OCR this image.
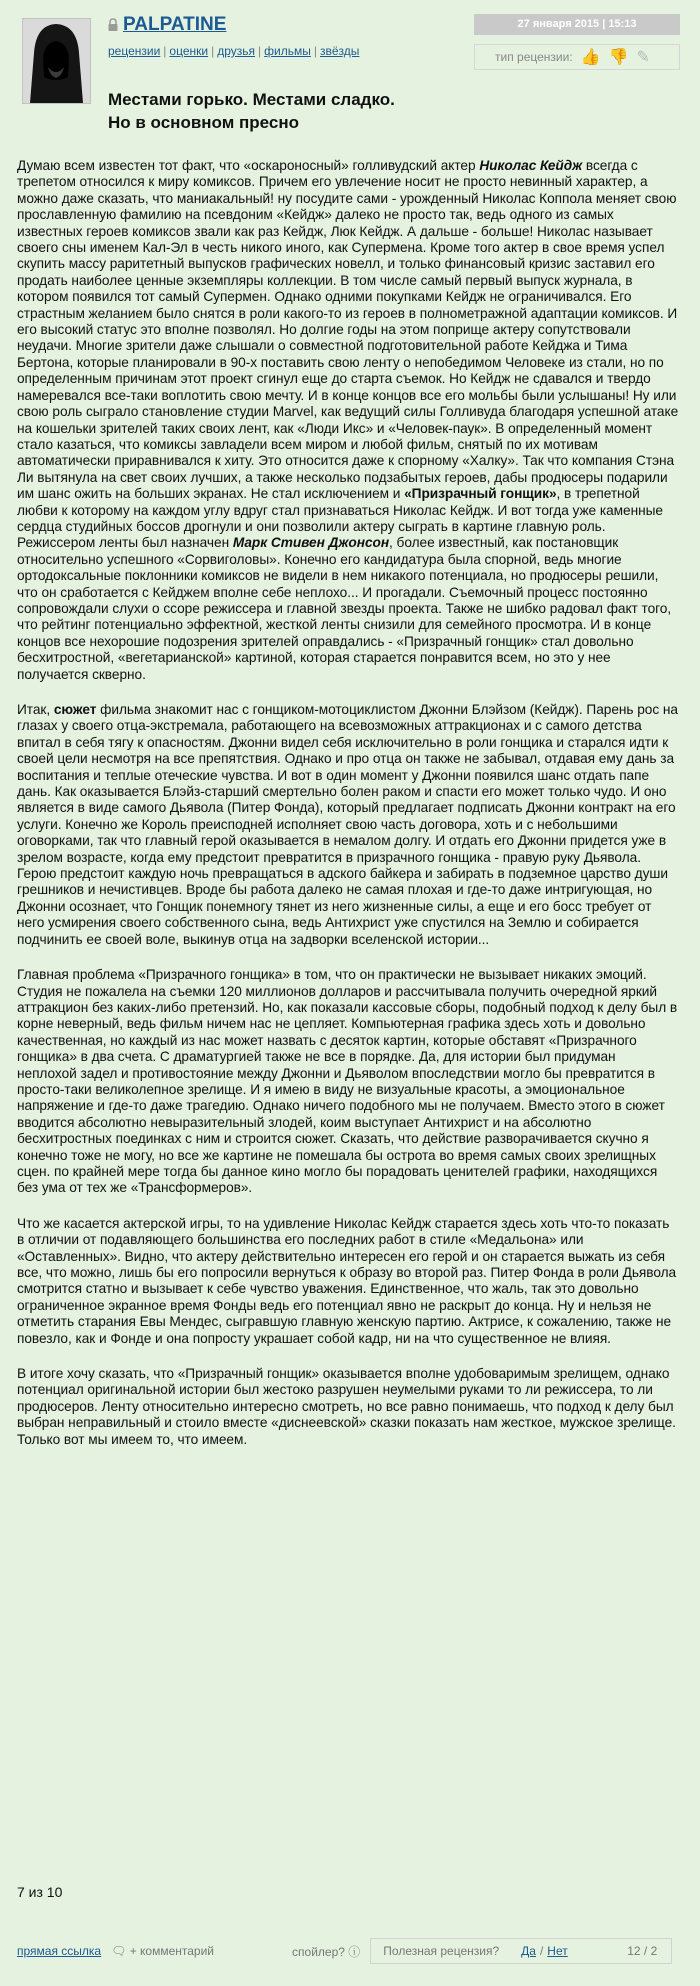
PALPATINE
рецензии | оценки | друзья | фильмы | звёзды
27 января 2015 | 15:13
тип рецензии: 👍 👎 ✎
Местами горько. Местами сладко.
Но в основном пресно

Думаю всем известен тот факт, что «оскароносный» голливудский актер Николас Кейдж всегда с трепетом относился к миру комиксов. Причем его увлечение носит не просто невинный характер, а можно даже сказать, что маниакальный! ну посудите сами - урожденный Николас Коппола меняет свою прославленную фамилию на псевдоним «Кейдж» далеко не просто так, ведь одного из самых известных героев комиксов звали как раз Кейдж, Люк Кейдж. А дальше - больше! Николас называет своего сны именем Кал-Эл в честь никого иного, как Супермена. Кроме того актер в свое время успел скупить массу раритетный выпусков графических новелл, и только финансовый кризис заставил его продать наиболее ценные экземпляры коллекции. В том числе самый первый выпуск журнала, в котором появился тот самый Супермен. Однако одними покупками Кейдж не ограничивался. Его страстным желанием было снятся в роли какого-то из героев в полнометражной адаптации комиксов. И его высокий статус это вполне позволял. Но долгие годы на этом поприще актеру сопутствовали неудачи. Многие зрители даже слышали о совместной подготовительной работе Кейджа и Тима Бертона, которые планировали в 90-х поставить свою ленту о непобедимом Человеке из стали, но по определенным причинам этот проект сгинул еще до старта съемок. Но Кейдж не сдавался и твердо намеревался все-таки воплотить свою мечту. И в конце концов все его мольбы были услышаны! Ну или свою роль сыграло становление студии Marvel, как ведущий силы Голливуда благодаря успешной атаке на кошельки зрителей таких своих лент, как «Люди Икс» и «Человек-паук». В определенный момент стало казаться, что комиксы завладели всем миром и любой фильм, снятый по их мотивам автоматически приравнивался к хиту. Это относится даже к спорному «Халку». Так что компания Стэна Ли вытянула на свет своих лучших, а также несколько подзабытых героев, дабы продюсеры подарили им шанс ожить на больших экранах. Не стал исключением и «Призрачный гонщик», в трепетной любви к которому на каждом углу вдруг стал признаваться Николас Кейдж. И вот тогда уже каменные сердца студийных боссов дрогнули и они позволили актеру сыграть в картине главную роль. Режиссером ленты был назначен Марк Стивен Джонсон, более известный, как постановщик относительно успешного «Сорвиголовы». Конечно его кандидатура была спорной, ведь многие ортодоксальные поклонники комиксов не видели в нем никакого потенциала, но продюсеры решили, что он сработается с Кейджем вполне себе неплохо... И прогадали. Съемочный процесс постоянно сопровождали слухи о ссоре режиссера и главной звезды проекта. Также не шибко радовал факт того, что рейтинг потенциально эффектной, жесткой ленты снизили для семейного просмотра. И в конце концов все нехорошие подозрения зрителей оправдались - «Призрачный гонщик» стал довольно бесхитростной, «вегетарианской» картиной, которая старается понравится всем, но это у нее получается скверно.

Итак, сюжет фильма знакомит нас с гонщиком-мотоциклистом Джонни Блэйзом (Кейдж). Парень рос на глазах у своего отца-экстремала, работающего на всевозможных аттракционах и с самого детства впитал в себя тягу к опасностям. Джонни видел себя исключительно в роли гонщика и старался идти к своей цели несмотря на все препятствия. Однако и про отца он также не забывал, отдавая ему дань за воспитания и теплые отеческие чувства. И вот в один момент у Джонни появился шанс отдать папе дань. Как оказывается Блэйз-старший смертельно болен раком и спасти его может только чудо. И оно является в виде самого Дьявола (Питер Фонда), который предлагает подписать Джонни контракт на его услуги. Конечно же Король преисподней исполняет свою часть договора, хоть и с небольшими оговорками, так что главный герой оказывается в немалом долгу. И отдать его Джонни придется уже в зрелом возрасте, когда ему предстоит превратится в призрачного гонщика - правую руку Дьявола. Герою предстоит каждую ночь превращаться в адского байкера и забирать в подземное царство души грешников и нечистивцев. Вроде бы работа далеко не самая плохая и где-то даже интригующая, но Джонни осознает, что Гонщик понемногу тянет из него жизненные силы, а еще и его босс требует от него усмирения своего собственного сына, ведь Антихрист уже спустился на Землю и собирается подчинить ее своей воле, выкинув отца на задворки вселенской истории...

Главная проблема «Призрачного гонщика» в том, что он практически не вызывает никаких эмоций. Студия не пожалела на съемки 120 миллионов долларов и рассчитывала получить очередной яркий аттракцион без каких-либо претензий. Но, как показали кассовые сборы, подобный подход к делу был в корне неверный, ведь фильм ничем нас не цепляет. Компьютерная графика здесь хоть и довольно качественная, но каждый из нас может назвать с десяток картин, которые обставят «Призрачного гонщика» в два счета. С драматургией также не все в порядке. Да, для истории был придуман неплохой задел и противостояние между Джонни и Дьяволом впоследствии могло бы превратится в просто-таки великолепное зрелище. И я имею в виду не визуальные красоты, а эмоциональное напряжение и где-то даже трагедию. Однако ничего подобного мы не получаем. Вместо этого в сюжет вводится абсолютно невыразительный злодей, коим выступает Антихрист и на абсолютно бесхитростных поединках с ним и строится сюжет. Сказать, что действие разворачивается скучно я конечно тоже не могу, но все же картине не помешала бы острота во время самых своих зрелищных сцен. по крайней мере тогда бы данное кино могло бы порадовать ценителей графики, находящихся без ума от тех же «Трансформеров».

Что же касается актерской игры, то на удивление Николас Кейдж старается здесь хоть что-то показать в отличии от подавляющего большинства его последних работ в стиле «Медальона» или «Оставленных». Видно, что актеру действительно интересен его герой и он старается выжать из себя все, что можно, лишь бы его попросили вернуться к образу во второй раз. Питер Фонда в роли Дьявола смотрится статно и вызывает к себе чувство уважения. Единственное, что жаль, так это довольно ограниченное экранное время Фонды ведь его потенциал явно не раскрыт до конца. Ну и нельзя не отметить старания Евы Мендес, сыгравшую главную женскую партию. Актрисе, к сожалению, также не повезло, как и Фонде и она попросту украшает собой кадр, ни на что существенное не влияя.

В итоге хочу сказать, что «Призрачный гонщик» оказывается вполне удобоваримым зрелищем, однако потенциал оригинальной истории был жестоко разрушен неумелыми руками то ли режиссера, то ли продюсеров. Ленту относительно интересно смотреть, но все равно понимаешь, что подход к делу был выбран неправильный и стоило вместе «диснеевской» сказки показать нам жесткое, мужское зрелище. Только вот мы имеем то, что имеем.

7 из 10
прямая ссылка 🗨 + комментарий	спойлер? ⓘ Полезная рецензия? Да / Нет	12 / 2
